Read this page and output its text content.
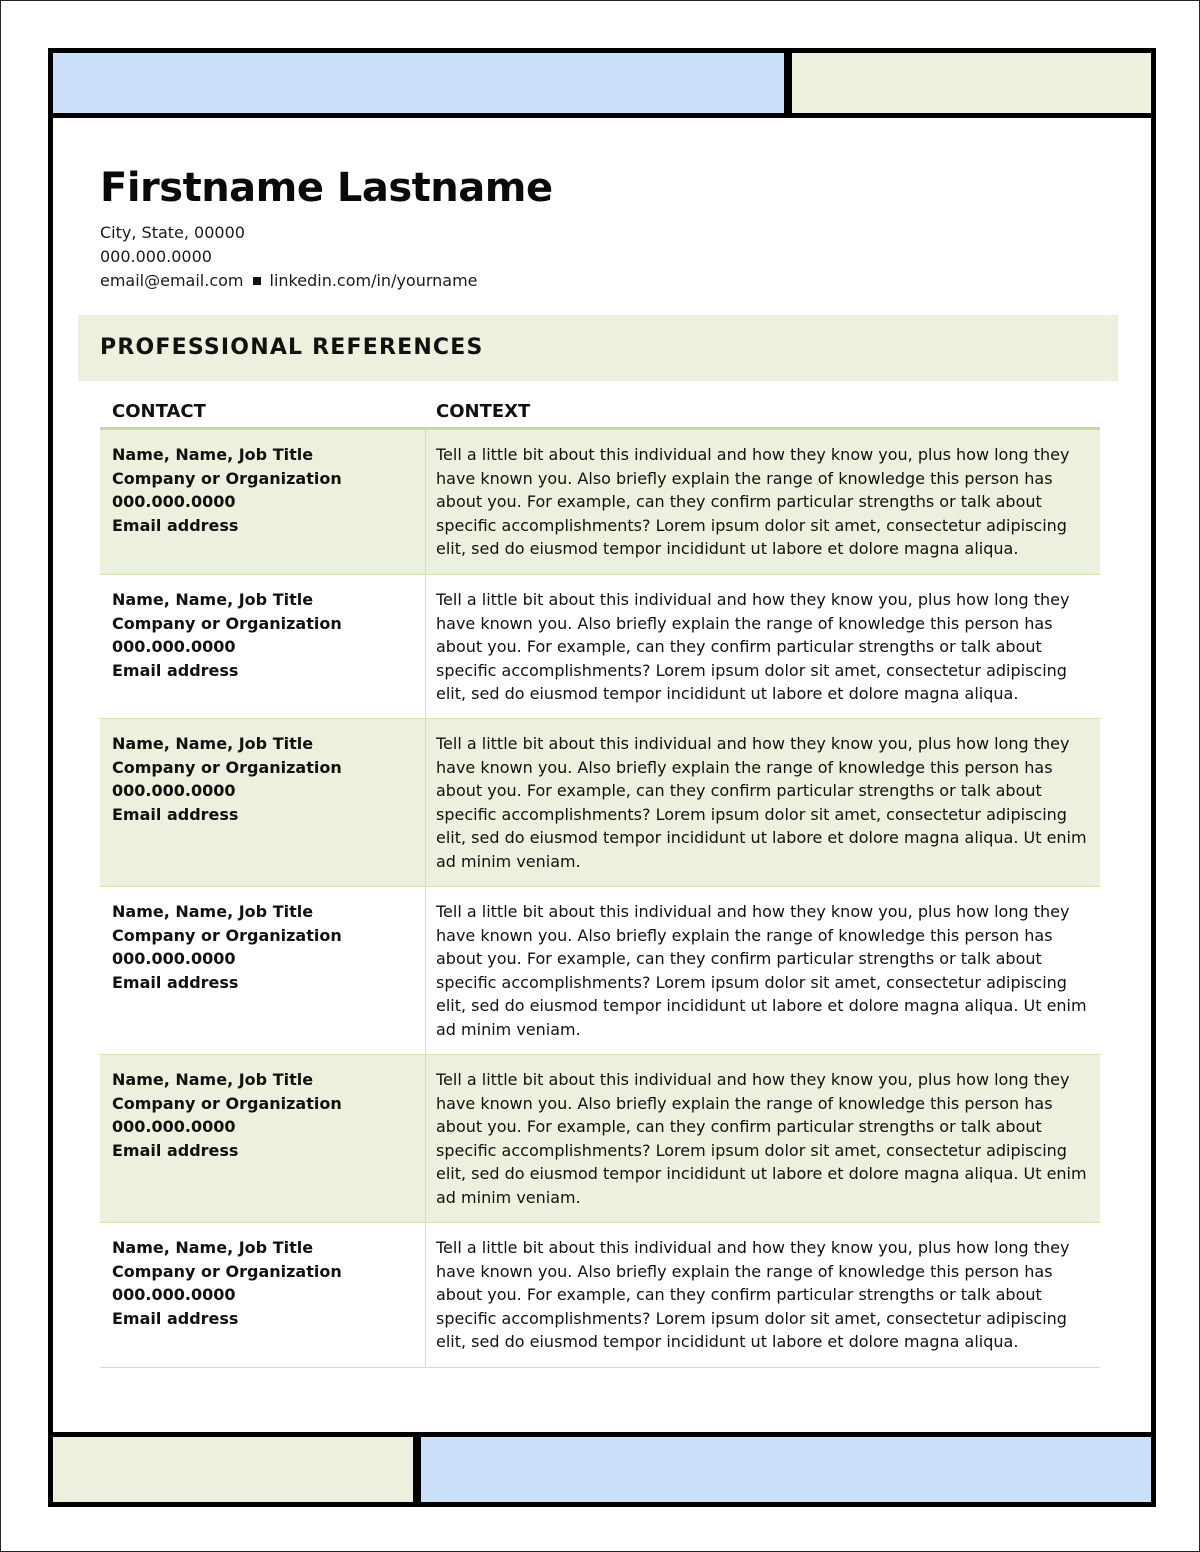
Firstname Lastname
City, State, 00000
000.000.0000
email@email.com linkedin.com/in/yourname
PROFESSIONAL REFERENCES
CONTACT	CONTEXT
Name, Name, Job Title
Company or Organization
000.000.0000
Email address
Tell a little bit about this individual and how they know you, plus how long they have known you. Also briefly explain the range of knowledge this person has about you. For example, can they confirm particular strengths or talk about specific accomplishments? Lorem ipsum dolor sit amet, consectetur adipiscing elit, sed do eiusmod tempor incididunt ut labore et dolore magna aliqua.
Name, Name, Job Title
Company or Organization
000.000.0000
Email address
Tell a little bit about this individual and how they know you, plus how long they have known you. Also briefly explain the range of knowledge this person has about you. For example, can they confirm particular strengths or talk about specific accomplishments? Lorem ipsum dolor sit amet, consectetur adipiscing elit, sed do eiusmod tempor incididunt ut labore et dolore magna aliqua.
Name, Name, Job Title
Company or Organization
000.000.0000
Email address
Tell a little bit about this individual and how they know you, plus how long they have known you. Also briefly explain the range of knowledge this person has about you. For example, can they confirm particular strengths or talk about specific accomplishments? Lorem ipsum dolor sit amet, consectetur adipiscing elit, sed do eiusmod tempor incididunt ut labore et dolore magna aliqua. Ut enim ad minim veniam.
Name, Name, Job Title
Company or Organization
000.000.0000
Email address
Tell a little bit about this individual and how they know you, plus how long they have known you. Also briefly explain the range of knowledge this person has about you. For example, can they confirm particular strengths or talk about specific accomplishments? Lorem ipsum dolor sit amet, consectetur adipiscing elit, sed do eiusmod tempor incididunt ut labore et dolore magna aliqua. Ut enim ad minim veniam.
Name, Name, Job Title
Company or Organization
000.000.0000
Email address
Tell a little bit about this individual and how they know you, plus how long they have known you. Also briefly explain the range of knowledge this person has about you. For example, can they confirm particular strengths or talk about specific accomplishments? Lorem ipsum dolor sit amet, consectetur adipiscing elit, sed do eiusmod tempor incididunt ut labore et dolore magna aliqua. Ut enim ad minim veniam.
Name, Name, Job Title
Company or Organization
000.000.0000
Email address
Tell a little bit about this individual and how they know you, plus how long they have known you. Also briefly explain the range of knowledge this person has about you. For example, can they confirm particular strengths or talk about specific accomplishments? Lorem ipsum dolor sit amet, consectetur adipiscing elit, sed do eiusmod tempor incididunt ut labore et dolore magna aliqua.
